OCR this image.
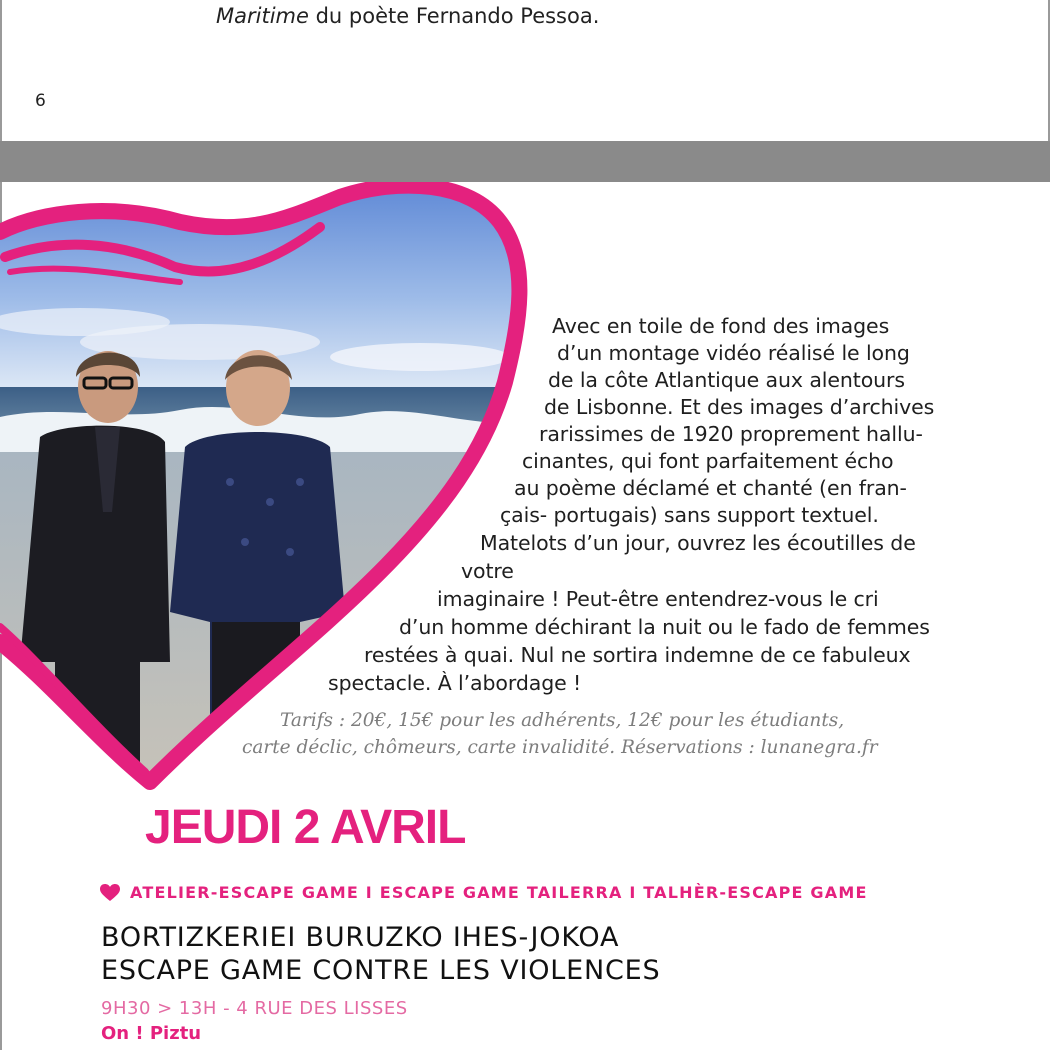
Maritime du poète Fernando Pessoa.
6
Avec en toile de fond des images
d’un montage vidéo réalisé le long
de la côte Atlantique aux alentours
de Lisbonne. Et des images d’archives
rarissimes de 1920 proprement hallu-
cinantes, qui font parfaitement écho
au poème déclamé et chanté (en fran-
çais- portugais) sans support textuel.
Matelots d’un jour, ouvrez les écoutilles de
votre
imaginaire ! Peut-être entendrez-vous le cri
d’un homme déchirant la nuit ou le fado de femmes
restées à quai. Nul ne sortira indemne de ce fabuleux
spectacle. À l’abordage !
Tarifs : 20€, 15€ pour les adhérents, 12€ pour les étudiants,
carte déclic, chômeurs, carte invalidité. Réservations : lunanegra.fr
JEUDI 2 AVRIL
ATELIER-ESCAPE GAME I ESCAPE GAME TAILERRA I TALHÈR-ESCAPE GAME
BORTIZKERIEI BURUZKO IHES-JOKOA
ESCAPE GAME CONTRE LES VIOLENCES
9H30 > 13H - 4 RUE DES LISSES
On ! Piztu
